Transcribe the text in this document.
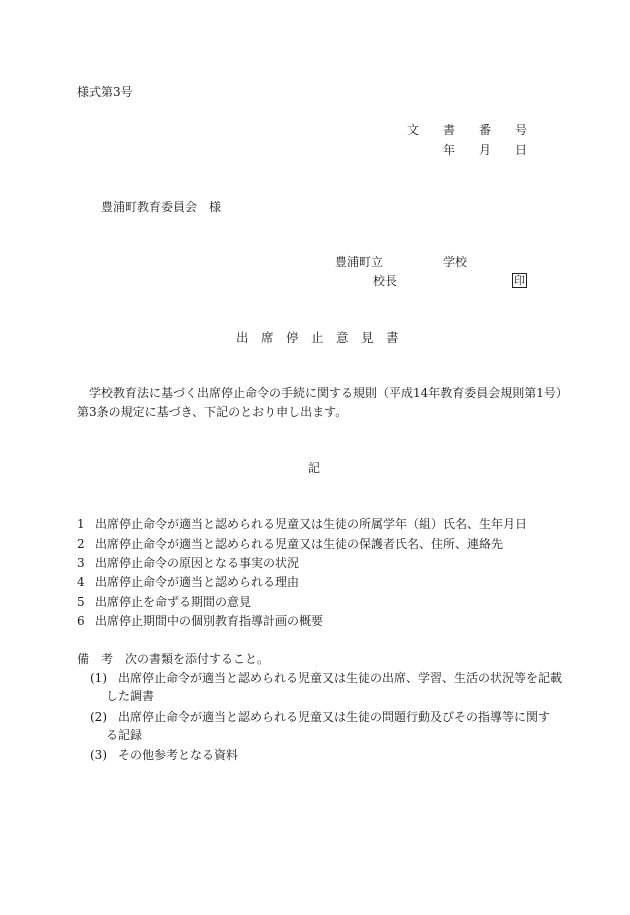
様式第3号
文　　書　　番　　号
年　　月　　日
豊浦町教育委員会　様
豊浦町立　　　　　学校
校長	印
出　席　停　止　意　見　書
学校教育法に基づく出席停止命令の手続に関する規則（平成14年教育委員会規則第1号）
第3条の規定に基づき、下記のとおり申し出ます。
記
1 出席停止命令が適当と認められる児童又は生徒の所属学年（組）氏名、生年月日
2 出席停止命令が適当と認められる児童又は生徒の保護者氏名、住所、連絡先
3 出席停止命令の原因となる事実の状況
4 出席停止命令が適当と認められる理由
5 出席停止を命ずる期間の意見
6 出席停止期間中の個別教育指導計画の概要
備　考　次の書類を添付すること。
(1) 出席停止命令が適当と認められる児童又は生徒の出席、学習、生活の状況等を記載
した調書
(2) 出席停止命令が適当と認められる児童又は生徒の問題行動及びその指導等に関す
る記録
(3) その他参考となる資料
